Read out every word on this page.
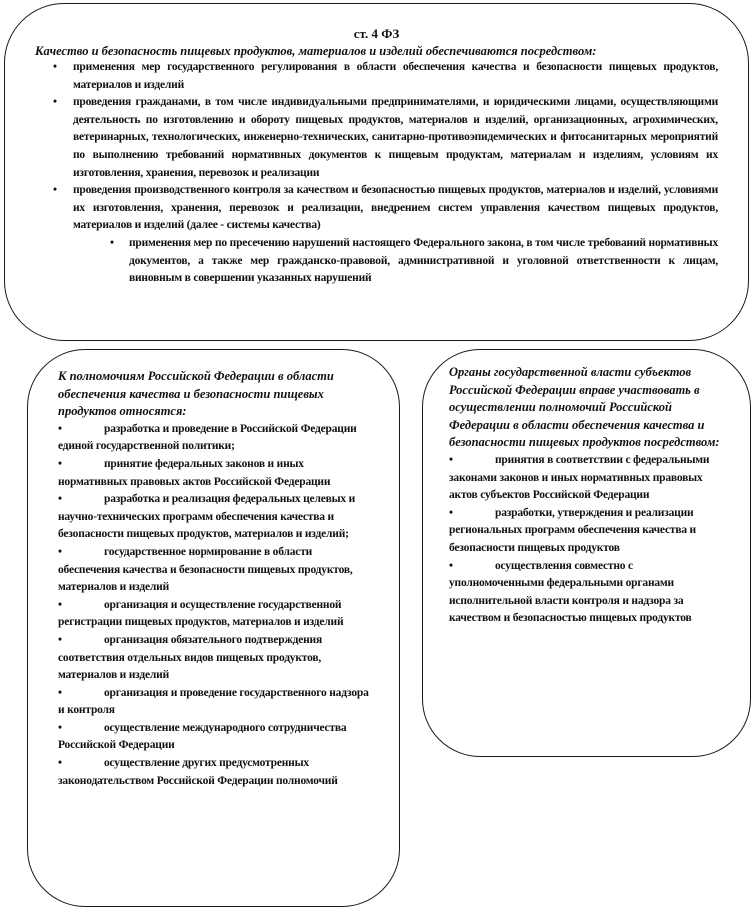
ст. 4 ФЗ
Качество и безопасность пищевых продуктов, материалов и изделий обеспечиваются посредством:
• применения мер государственного регулирования в области обеспечения качества и безопасности пищевых продуктов, материалов и изделий
• проведения гражданами, в том числе индивидуальными предпринимателями, и юридическими лицами, осуществляющими деятельность по изготовлению и обороту пищевых продуктов, материалов и изделий, организационных, агрохимических, ветеринарных, технологических, инженерно-технических, санитарно-противоэпидемических и фитосанитарных мероприятий по выполнению требований нормативных документов к пищевым продуктам, материалам и изделиям, условиям их изготовления, хранения, перевозок и реализации
• проведения производственного контроля за качеством и безопасностью пищевых продуктов, материалов и изделий, условиями их изготовления, хранения, перевозок и реализации, внедрением систем управления качеством пищевых продуктов, материалов и изделий (далее - системы качества)
• применения мер по пресечению нарушений настоящего Федерального закона, в том числе требований нормативных документов, а также мер гражданско-правовой, административной и уголовной ответственности к лицам, виновным в совершении указанных нарушений
К полномочиям Российской Федерации в области обеспечения качества и безопасности пищевых продуктов относятся:

•	разработка и проведение в Российской Федерации единой государственной политики;

•	принятие федеральных законов и иных нормативных правовых актов Российской Федерации

•	разработка и реализация федеральных целевых и научно-технических программ обеспечения качества и безопасности пищевых продуктов, материалов и изделий;

•	государственное нормирование в области обеспечения качества и безопасности пищевых продуктов, материалов и изделий

•	организация и осуществление государственной регистрации пищевых продуктов, материалов и изделий

•	организация обязательного подтверждения соответствия отдельных видов пищевых продуктов, материалов и изделий

•	организация и проведение государственного надзора и контроля

•	осуществление международного сотрудничества Российской Федерации

•	осуществление других предусмотренных законодательством Российской Федерации полномочий

Органы государственной власти субъектов Российской Федерации вправе участвовать в осуществлении полномочий Российской Федерации в области обеспечения качества и безопасности пищевых продуктов посредством:

•	принятия в соответствии с федеральными законами законов и иных нормативных правовых актов субъектов Российской Федерации

•	разработки, утверждения и реализации региональных программ обеспечения качества и безопасности пищевых продуктов

•	осуществления совместно с уполномоченными федеральными органами исполнительной власти контроля и надзора за качеством и безопасностью пищевых продуктов
